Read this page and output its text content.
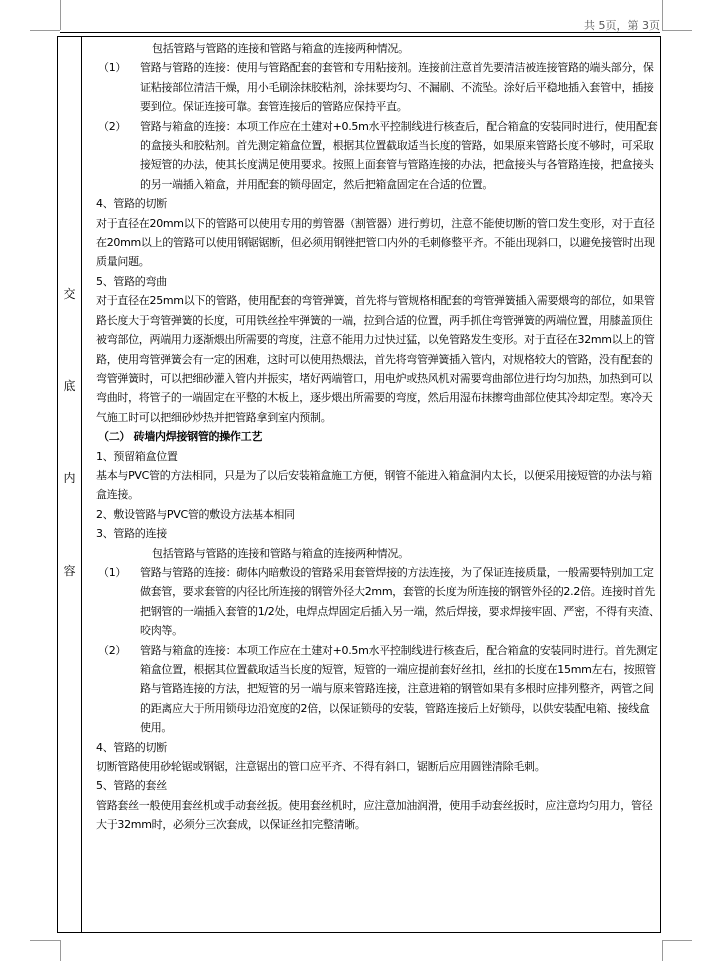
共 5页，第 3页
交
底
内
容

包括管路与管路的连接和管路与箱盒的连接两种情况。

（1） 管路与管路的连接：使用与管路配套的套管和专用粘接剂。连接前注意首先要清洁被连接管路的端头部分，保证粘接部位清洁干燥，用小毛刷涂抹胶粘剂，涂抹要均匀、不漏刷、不流坠。涂好后平稳地插入套管中，插接要到位。保证连接可靠。套管连接后的管路应保持平直。

（2） 管路与箱盒的连接：本项工作应在土建对+0.5m水平控制线进行核查后，配合箱盒的安装同时进行，使用配套的盒接头和胶粘剂。首先测定箱盒位置，根据其位置截取适当长度的管路，如果原来管路长度不够时，可采取接短管的办法，使其长度满足使用要求。按照上面套管与管路连接的办法，把盒接头与各管路连接，把盒接头的另一端插入箱盒，并用配套的锁母固定，然后把箱盒固定在合适的位置。

4、管路的切断

对于直径在20mm以下的管路可以使用专用的剪管器（割管器）进行剪切，注意不能使切断的管口发生变形，对于直径在20mm以上的管路可以使用钢锯锯断，但必须用钢锉把管口内外的毛刺修整平齐。不能出现斜口，以避免接管时出现质量问题。

5、管路的弯曲

对于直径在25mm以下的管路，使用配套的弯管弹簧，首先将与管规格相配套的弯管弹簧插入需要煨弯的部位，如果管路长度大于弯管弹簧的长度，可用铁丝拴牢弹簧的一端，拉到合适的位置，两手抓住弯管弹簧的两端位置，用膝盖顶住被弯部位，两端用力逐渐煨出所需要的弯度，注意不能用力过快过猛，以免管路发生变形。对于直径在32mm以上的管路，使用弯管弹簧会有一定的困难，这时可以使用热煨法，首先将弯管弹簧插入管内，对规格较大的管路，没有配套的弯管弹簧时，可以把细砂灌入管内并振实，堵好两端管口，用电炉或热风机对需要弯曲部位进行均匀加热，加热到可以弯曲时，将管子的一端固定在平整的木板上，逐步煨出所需要的弯度，然后用湿布抹擦弯曲部位使其冷却定型。寒冷天气施工时可以把细砂炒热并把管路拿到室内预制。

（二） 砖墙内焊接钢管的操作工艺

1、预留箱盒位置

基本与PVC管的方法相同，只是为了以后安装箱盒施工方便，钢管不能进入箱盒洞内太长，以便采用接短管的办法与箱盒连接。

2、敷设管路与PVC管的敷设方法基本相同

3、管路的连接

包括管路与管路的连接和管路与箱盒的连接两种情况。

（1） 管路与管路的连接：砌体内暗敷设的管路采用套管焊接的方法连接，为了保证连接质量，一般需要特别加工定做套管，要求套管的内径比所连接的钢管外径大2mm，套管的长度为所连接的钢管外径的2.2倍。连接时首先把钢管的一端插入套管的1/2处，电焊点焊固定后插入另一端，然后焊接，要求焊接牢固、严密，不得有夹渣、咬肉等。

（2） 管路与箱盒的连接：本项工作应在土建对+0.5m水平控制线进行核查后，配合箱盒的安装同时进行。首先测定箱盒位置，根据其位置截取适当长度的短管，短管的一端应提前套好丝扣，丝扣的长度在15mm左右，按照管路与管路连接的方法，把短管的另一端与原来管路连接，注意进箱的钢管如果有多根时应排列整齐，两管之间的距离应大于所用锁母边沿宽度的2倍，以保证锁母的安装，管路连接后上好锁母，以供安装配电箱、接线盒使用。

4、管路的切断

切断管路使用砂轮锯或钢锯，注意锯出的管口应平齐、不得有斜口，锯断后应用圆锉清除毛刺。

5、管路的套丝

管路套丝一般使用套丝机或手动套丝扳。使用套丝机时，应注意加油润滑，使用手动套丝扳时，应注意均匀用力，管径大于32mm时，必须分三次套成，以保证丝扣完整清晰。
